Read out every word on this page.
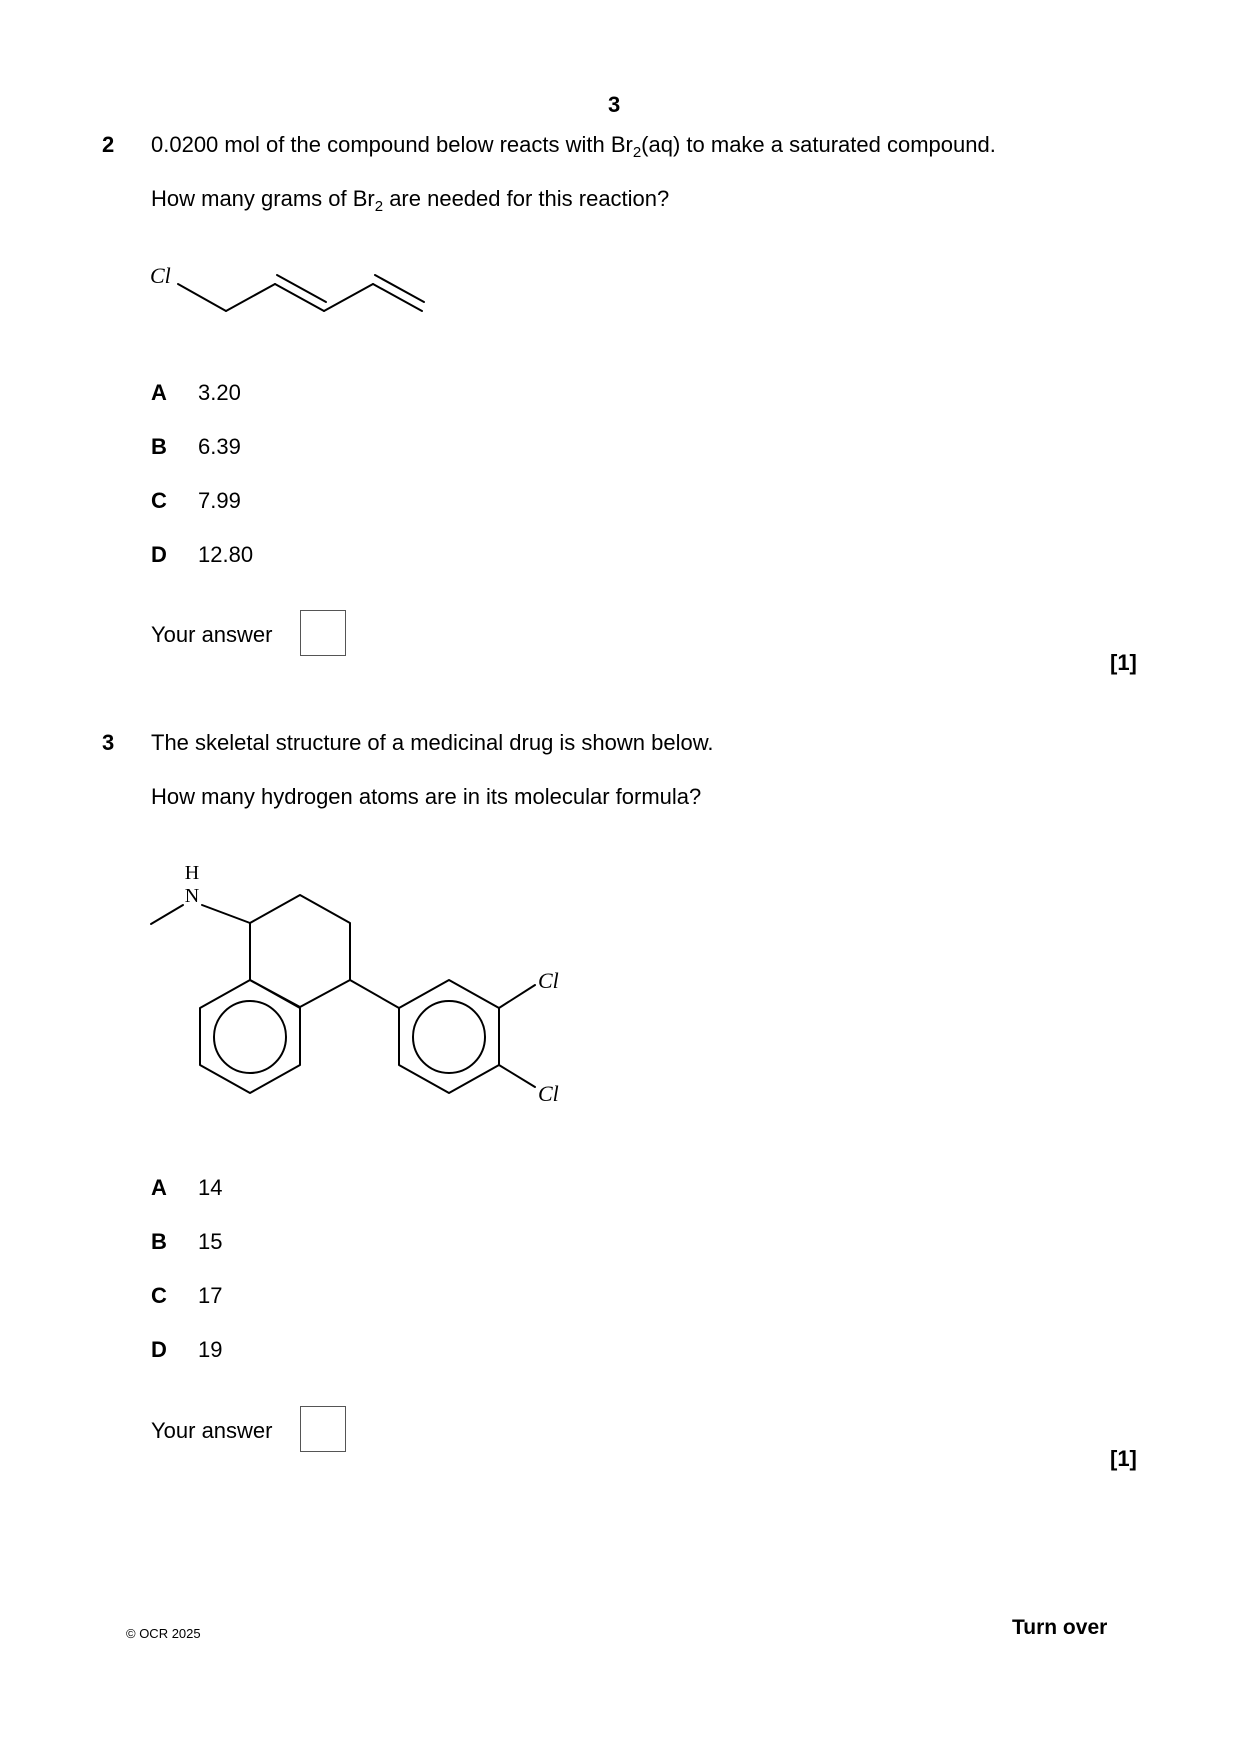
3
2 0.0200 mol of the compound below reacts with $Br_2(aq)$ to make a saturated compound.
How many grams of $Br_2$ are needed for this reaction?
Cl
A 3.20
B 6.39
C 7.99
D 12.80
Your answer
[1]
3 The skeletal structure of a medicinal drug is shown below.
How many hydrogen atoms are in its molecular formula?
H
N
Cl
Cl
A 14
B 15
C 17
D 19
Your answer
[1]
© OCR 2025	Turn over
